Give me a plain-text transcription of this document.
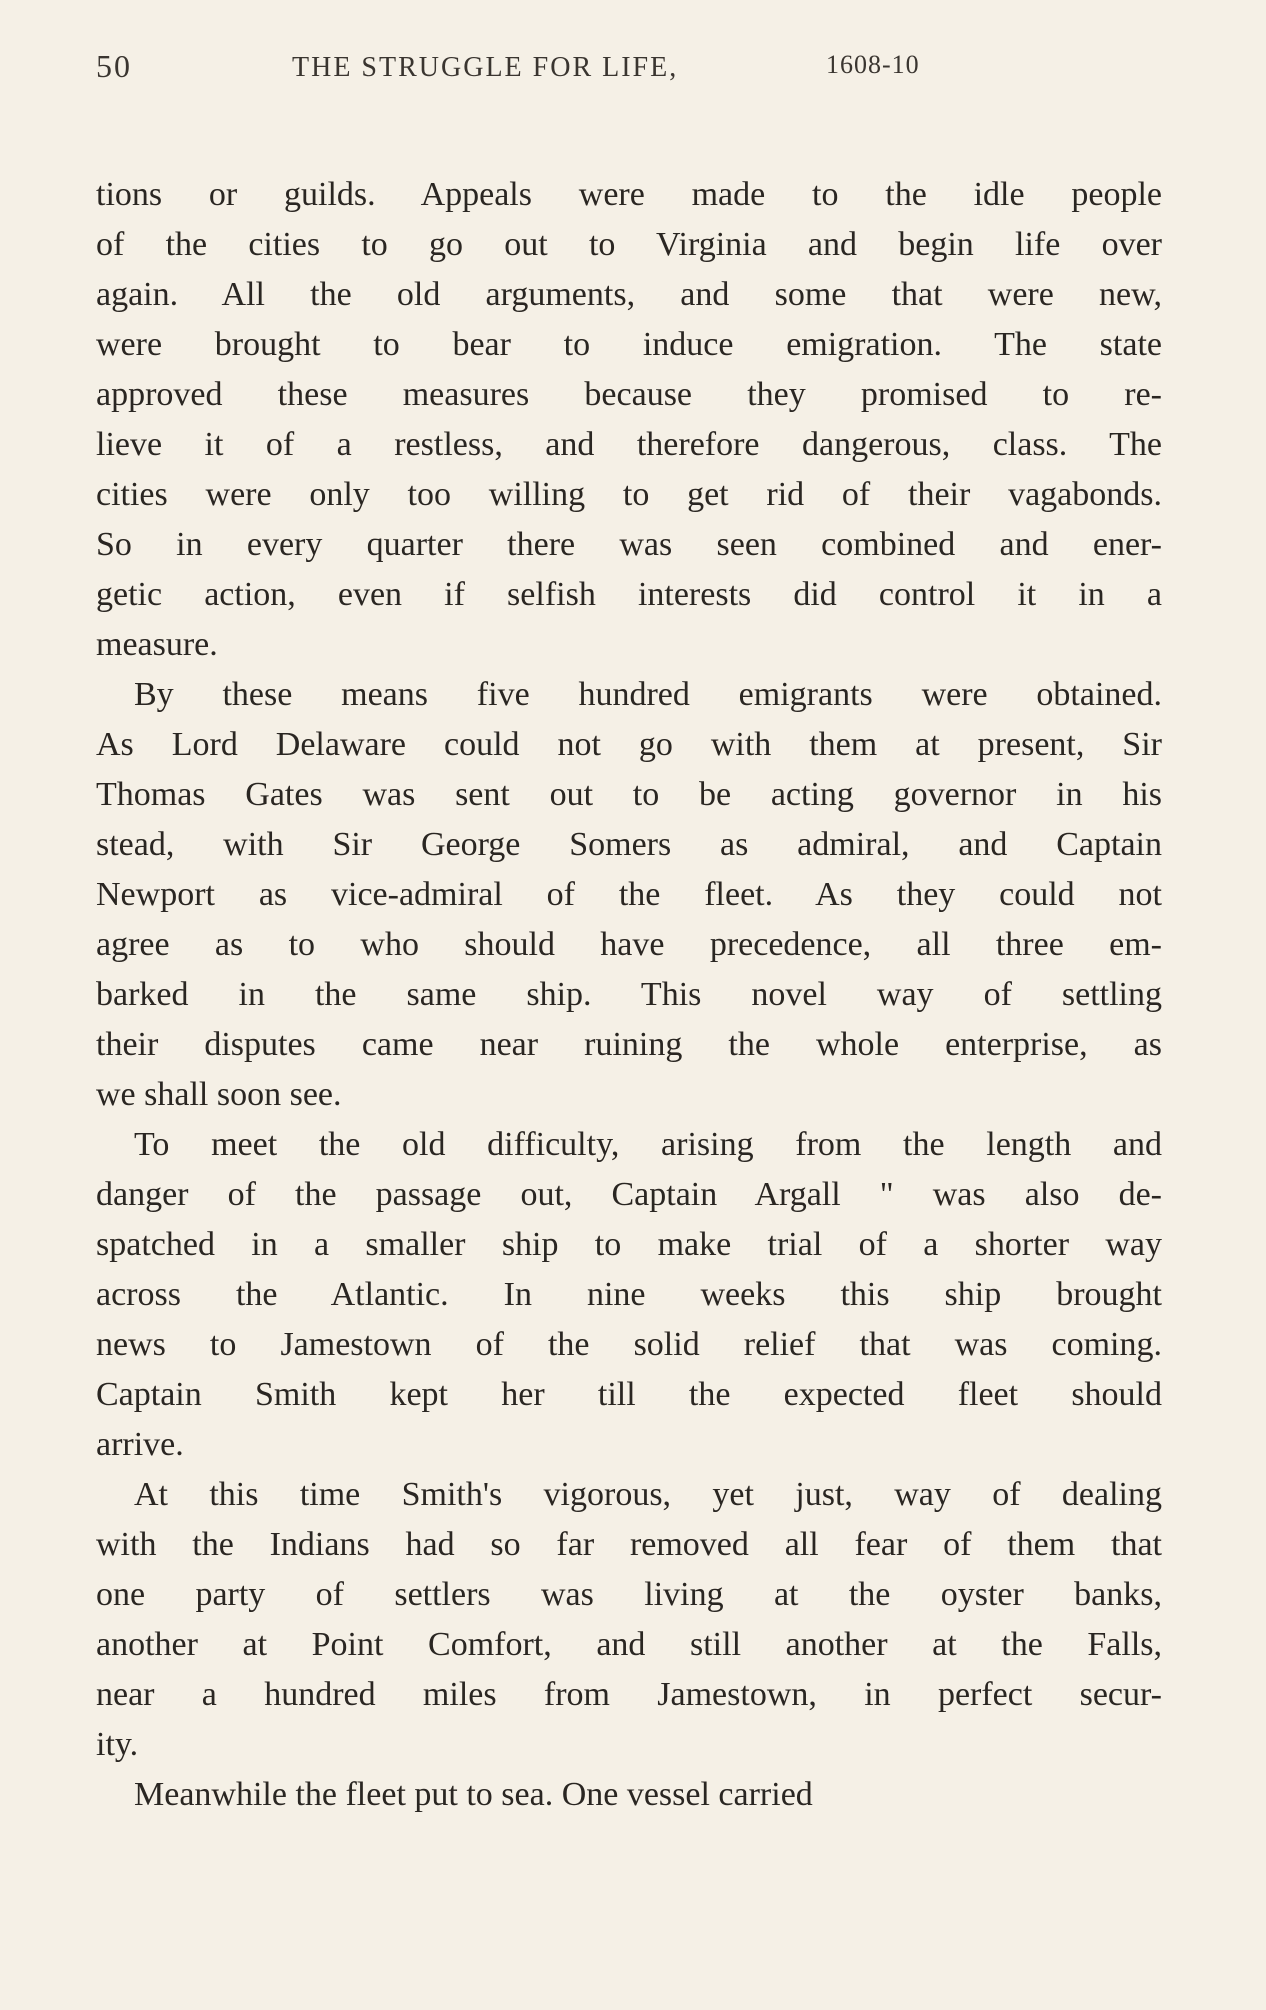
50	THE STRUGGLE FOR LIFE,	1608-10
tions or guilds. Appeals were made to the idle people
of the cities to go out to Virginia and begin life over
again. All the old arguments, and some that were new,
were brought to bear to induce emigration. The state
approved these measures because they promised to re-
lieve it of a restless, and therefore dangerous, class. The
cities were only too willing to get rid of their vagabonds.
So in every quarter there was seen combined and ener-
getic action, even if selfish interests did control it in a
measure.
By these means five hundred emigrants were obtained.
As Lord Delaware could not go with them at present, Sir
Thomas Gates was sent out to be acting governor in his
stead, with Sir George Somers as admiral, and Captain
Newport as vice-admiral of the fleet. As they could not
agree as to who should have precedence, all three em-
barked in the same ship. This novel way of settling
their disputes came near ruining the whole enterprise, as
we shall soon see.
To meet the old difficulty, arising from the length and
danger of the passage out, Captain Argall " was also de-
spatched in a smaller ship to make trial of a shorter way
across the Atlantic. In nine weeks this ship brought
news to Jamestown of the solid relief that was coming.
Captain Smith kept her till the expected fleet should
arrive.
At this time Smith's vigorous, yet just, way of dealing
with the Indians had so far removed all fear of them that
one party of settlers was living at the oyster banks,
another at Point Comfort, and still another at the Falls,
near a hundred miles from Jamestown, in perfect secur-
ity.
Meanwhile the fleet put to sea. One vessel carried
